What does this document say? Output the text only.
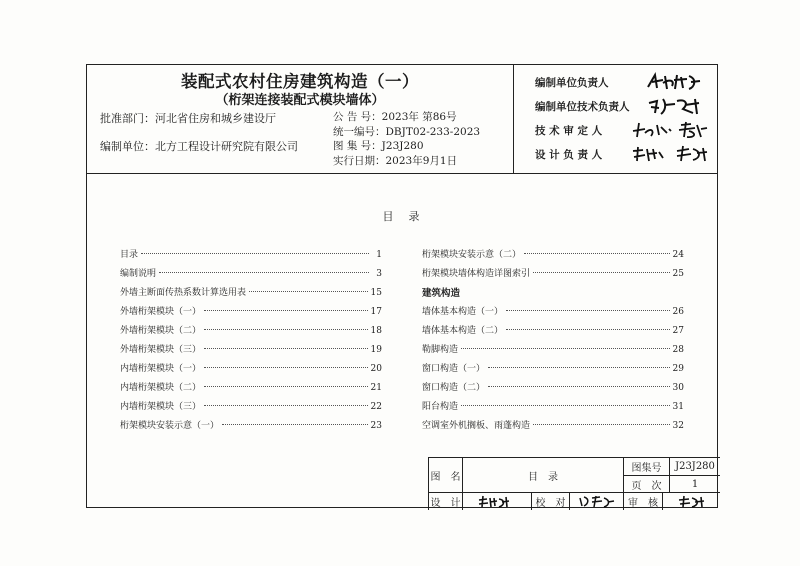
装配式农村住房建筑构造（一）
（桁架连接装配式模块墙体）
批准部门：河北省住房和城乡建设厅
编制单位：北方工程设计研究院有限公司
公 告 号：2023年 第86号
统一编号：DBJT02-233-2023
图 集 号：J23J280
实行日期：2023年9月1日
编制单位负责人
编制单位技术负责人
技 术 审 定 人
设 计 负 责 人
目　录
目录	1
编制说明	3
外墙主断面传热系数计算选用表	15
外墙桁架模块（一）	17
外墙桁架模块（二）	18
外墙桁架模块（三）	19
内墙桁架模块（一）	20
内墙桁架模块（二）	21
内墙桁架模块（三）	22
桁架模块安装示意（一）	23
桁架模块安装示意（二）	24
桁架模块墙体构造详图索引	25
建筑构造
墙体基本构造（一）	26
墙体基本构造（二）	27
勒脚构造	28
窗口构造（一）	29
窗口构造（二）	30
阳台构造	31
空调室外机搁板、雨蓬构造	32
图　名	目　录
图集号	J23J280
页　次	1
设　计	校　对	审　核
